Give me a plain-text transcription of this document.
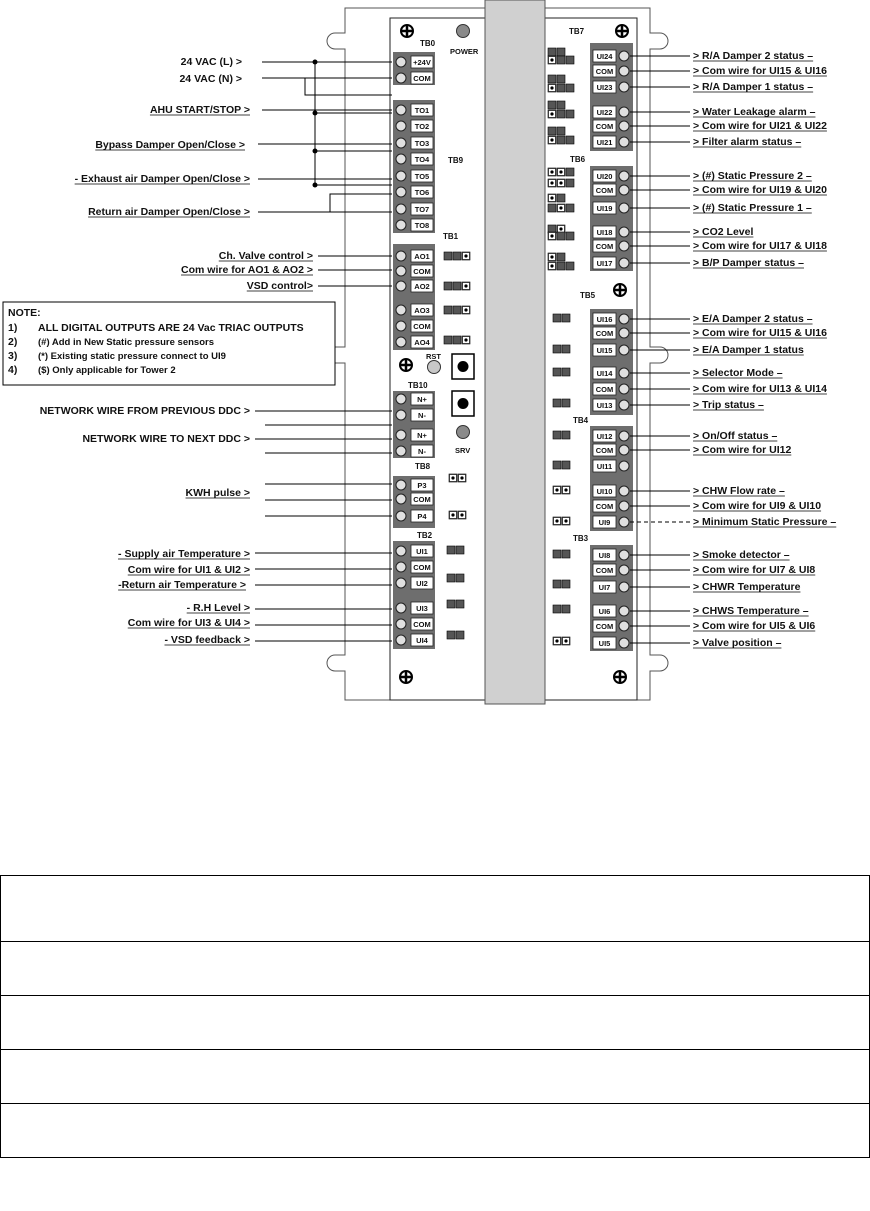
POWER
RST
SRV
TB0
+24V
COM
TB9
TO1
TO2
TO3
TO4
TO5
TO6
TO7
TO8
TB1
AO1
COM
AO2
AO3
COM
AO4
TB10
N+
N-
N+
N-
TB8
P3
COM
P4
TB2
UI1
COM
UI2
UI3
COM
UI4
TB7
UI24
COM
UI23
UI22
COM
UI21
TB6
UI20
COM
UI19
UI18
COM
UI17
TB5
UI16
COM
UI15
UI14
COM
UI13
TB4
UI12
COM
UI11
UI10
COM
UI9
TB3
UI8
COM
UI7
UI6
COM
UI5
24 VAC (L) >
24 VAC (N) >
AHU START/STOP >
Bypass Damper Open/Close >
- Exhaust air Damper Open/Close >
Return air Damper Open/Close >
Ch. Valve control >
Com wire for AO1 & AO2 >
VSD control>
NETWORK WIRE FROM PREVIOUS DDC >
NETWORK WIRE TO NEXT DDC >
KWH pulse >
- Supply air Temperature >
Com wire for UI1 & UI2 >
-Return air Temperature >
- R.H Level >
Com wire for UI3 & UI4 >
- VSD feedback >
> R/A Damper 2 status –
> Com wire for UI15 & UI16
> R/A Damper 1 status –
> Water Leakage alarm –
> Com wire for UI21 & UI22
> Filter alarm status –
> (#) Static Pressure 2 –
> Com wire for UI19 & UI20
> (#) Static Pressure 1 –
> CO2 Level
> Com wire for UI17 & UI18
> B/P Damper status –
> E/A Damper 2 status –
> Com wire for UI15 & UI16
> E/A Damper 1 status
> Selector Mode –
> Com wire for UI13 & UI14
> Trip status –
> On/Off status –
> Com wire for UI12
> CHW Flow rate –
> Com wire for UI9 & UI10
> Minimum Static Pressure –
> Smoke detector –
> Com wire for UI7 & UI8
> CHWR Temperature
> CHWS Temperature –
> Com wire for UI5 & UI6
> Valve position –
NOTE:
1) ALL DIGITAL OUTPUTS ARE 24 Vac TRIAC OUTPUTS
2) (#) Add in New Static pressure sensors
3) (*) Existing static pressure connect to UI9
4) ($) Only applicable for Tower 2
